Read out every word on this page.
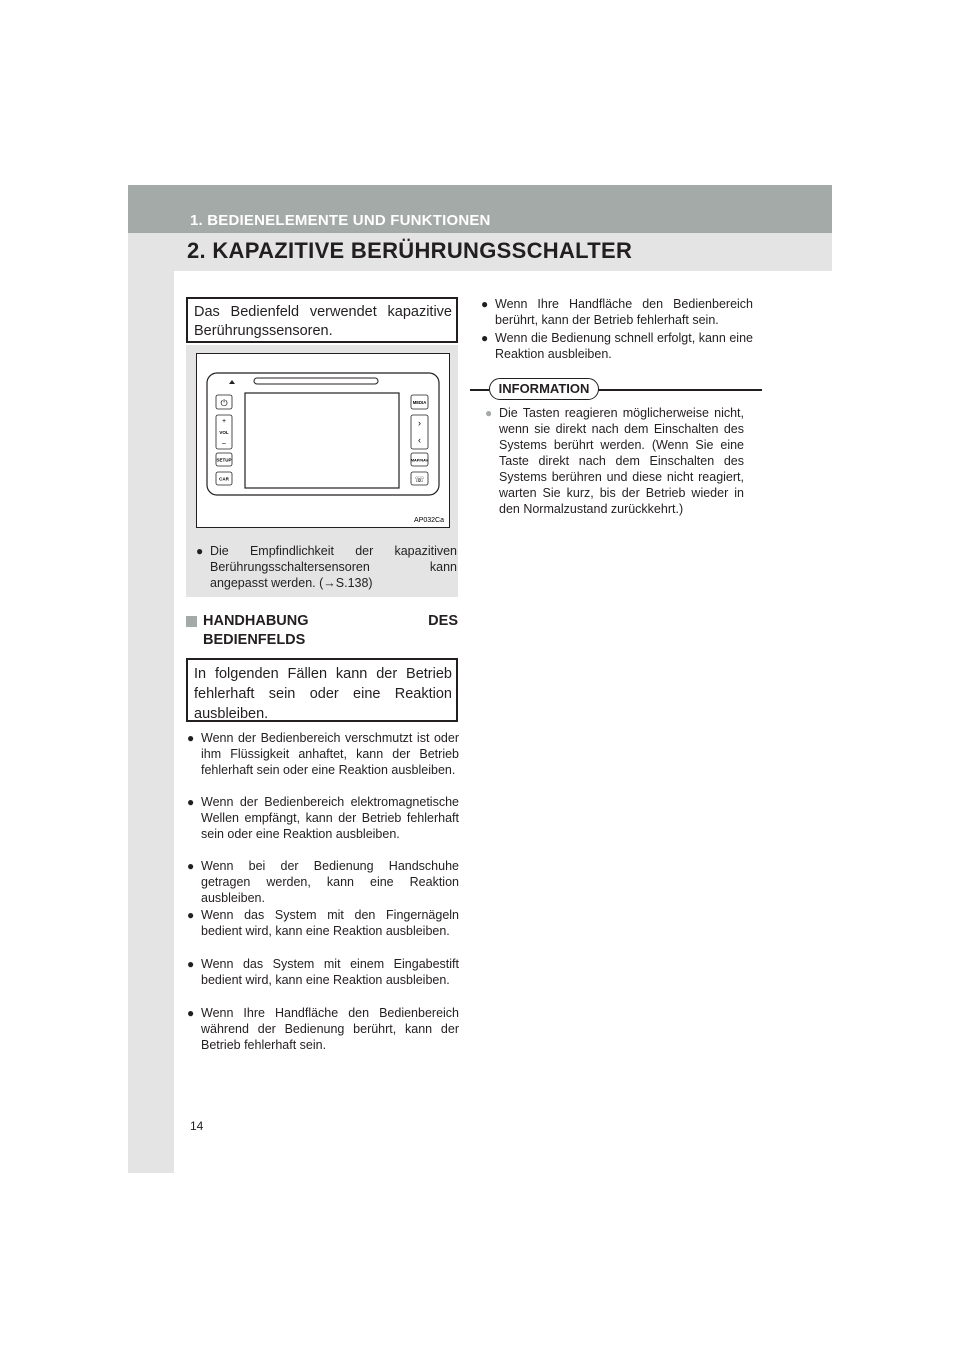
1. BEDIENELEMENTE UND FUNKTIONEN
2. KAPAZITIVE BERÜHRUNGSSCHALTER
Das Bedienfeld verwendet kapazitive Berührungssensoren.
⏻
+
VOL
–
SETUP
CAR
MEDIA
›
‹
MAP/NAV
☏
AP032Ca
● Die Empfindlichkeit der kapazitiven Berührungsschaltersensoren kann angepasst werden. (→S.138)
HANDHABUNG	DES
BEDIENFELDS
In folgenden Fällen kann der Betrieb fehlerhaft sein oder eine Reaktion ausbleiben.
● Wenn der Bedienbereich verschmutzt ist oder ihm Flüssigkeit anhaftet, kann der Betrieb fehlerhaft sein oder eine Reaktion ausbleiben.
● Wenn der Bedienbereich elektromagnetische Wellen empfängt, kann der Betrieb fehlerhaft sein oder eine Reaktion ausbleiben.
● Wenn bei der Bedienung Handschuhe getragen werden, kann eine Reaktion ausbleiben.
● Wenn das System mit den Fingernägeln bedient wird, kann eine Reaktion ausbleiben.
● Wenn das System mit einem Eingabestift bedient wird, kann eine Reaktion ausbleiben.
● Wenn Ihre Handfläche den Bedienbereich während der Bedienung berührt, kann der Betrieb fehlerhaft sein.
● Wenn Ihre Handfläche den Bedienbereich berührt, kann der Betrieb fehlerhaft sein.
● Wenn die Bedienung schnell erfolgt, kann eine Reaktion ausbleiben.
INFORMATION
● Die Tasten reagieren möglicherweise nicht, wenn sie direkt nach dem Einschalten des Systems berührt werden. (Wenn Sie eine Taste direkt nach dem Einschalten des Systems berühren und diese nicht reagiert, warten Sie kurz, bis der Betrieb wieder in den Normalzustand zurückkehrt.)
14
